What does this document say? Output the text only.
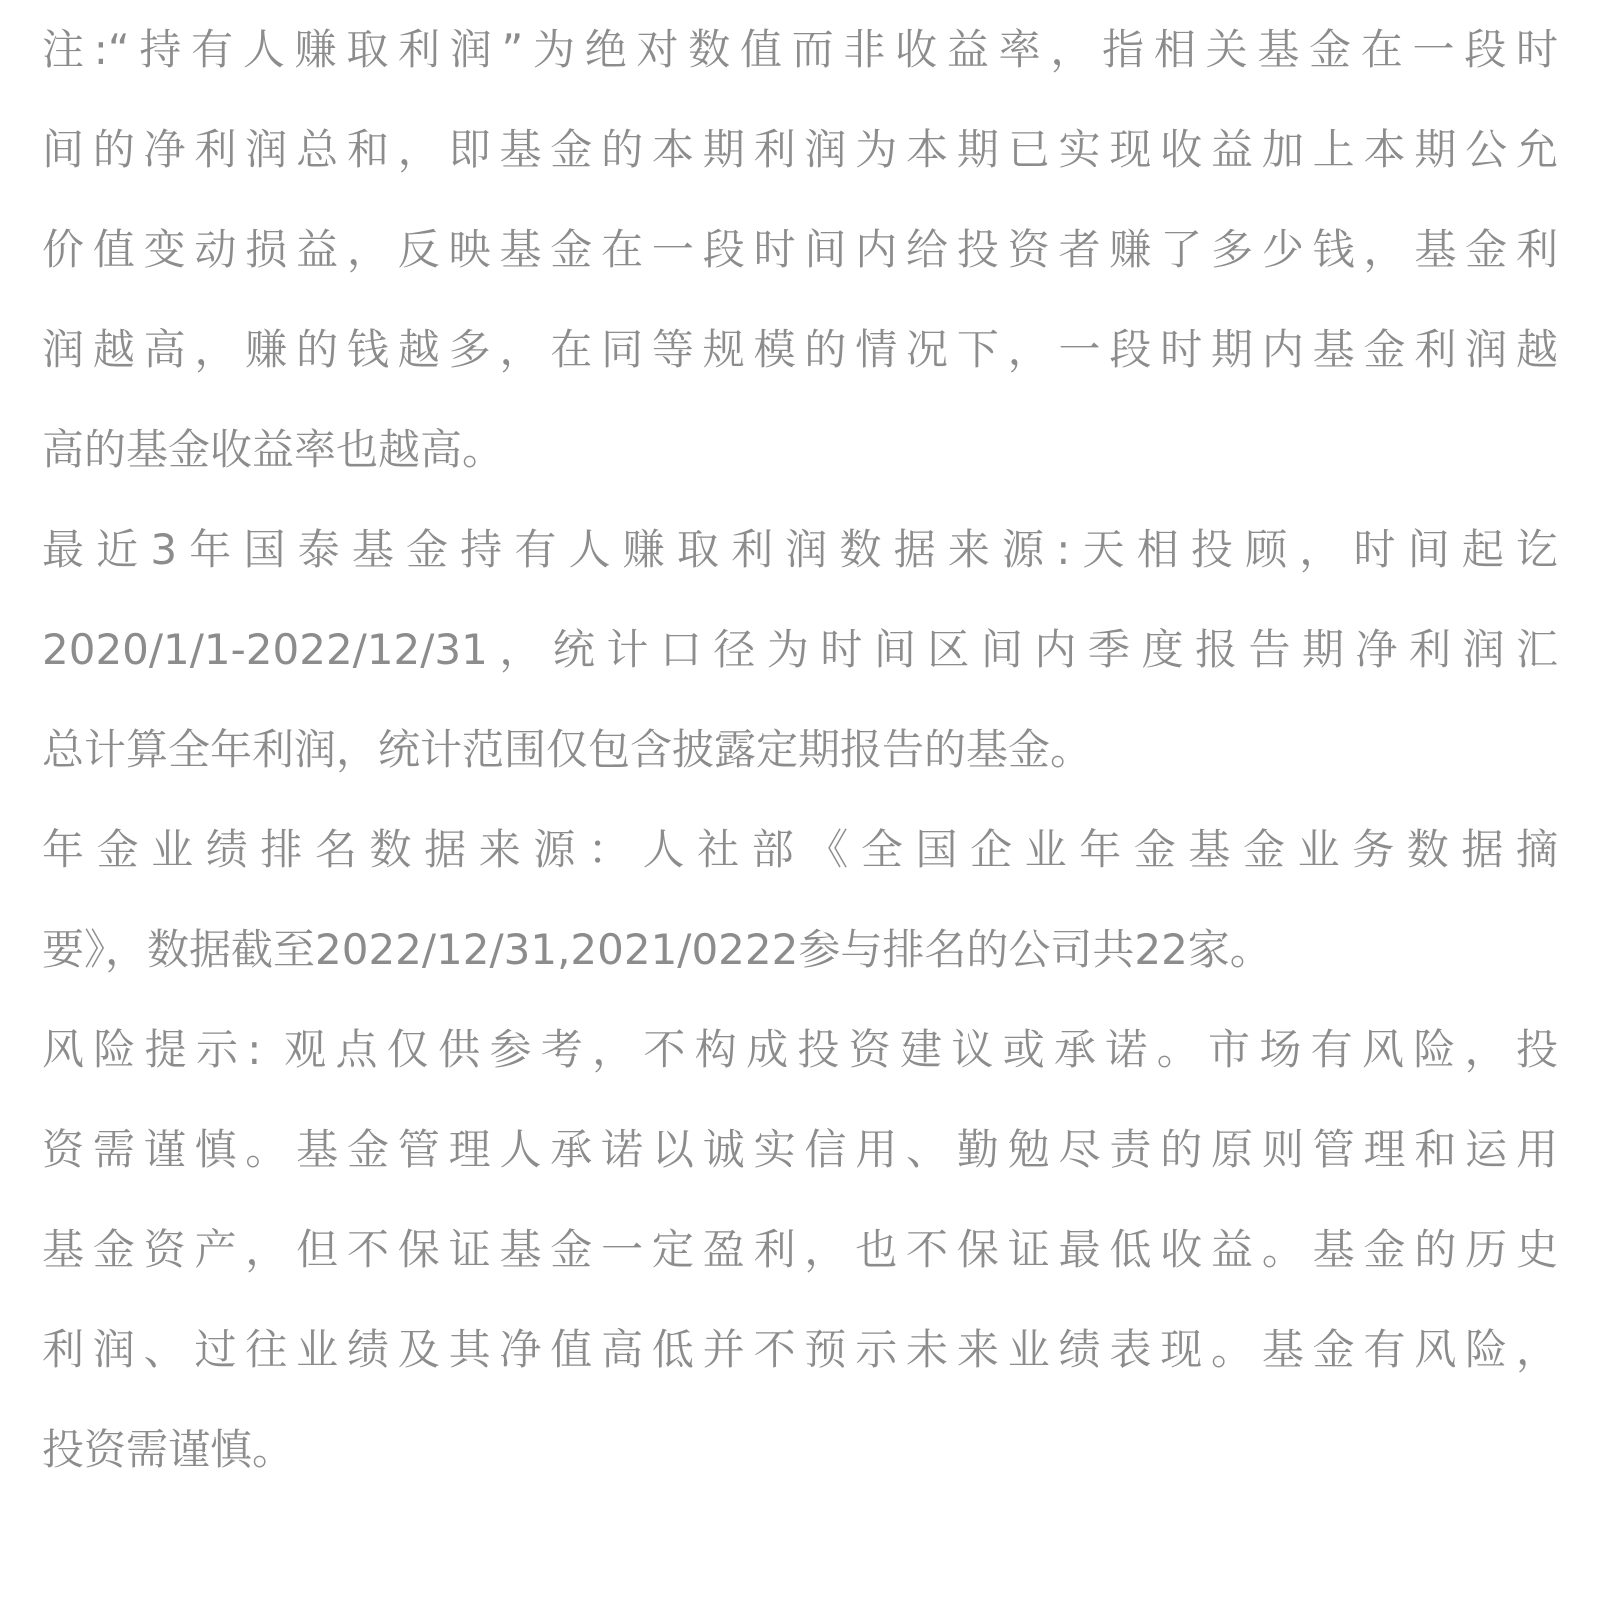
注:“持有人赚取利润”为绝对数值而非收益率，指相关基金在一段时
间的净利润总和，即基金的本期利润为本期已实现收益加上本期公允
价值变动损益，反映基金在一段时间内给投资者赚了多少钱，基金利
润越高，赚的钱越多，在同等规模的情况下，一段时期内基金利润越
高的基金收益率也越高。

最近3年国泰基金持有人赚取利润数据来源:天相投顾，时间起讫
2020/1/1-2022/12/31，统计口径为时间区间内季度报告期净利润汇
总计算全年利润，统计范围仅包含披露定期报告的基金。

年金业绩排名数据来源：人社部《全国企业年金基金业务数据摘
要》，数据截至2022/12/31,2021/0222参与排名的公司共22家。

风险提示: 观点仅供参考，不构成投资建议或承诺。市场有风险，投
资需谨慎。基金管理人承诺以诚实信用、勤勉尽责的原则管理和运用
基金资产，但不保证基金一定盈利，也不保证最低收益。基金的历史
利润、过往业绩及其净值高低并不预示未来业绩表现。基金有风险，
投资需谨慎。
